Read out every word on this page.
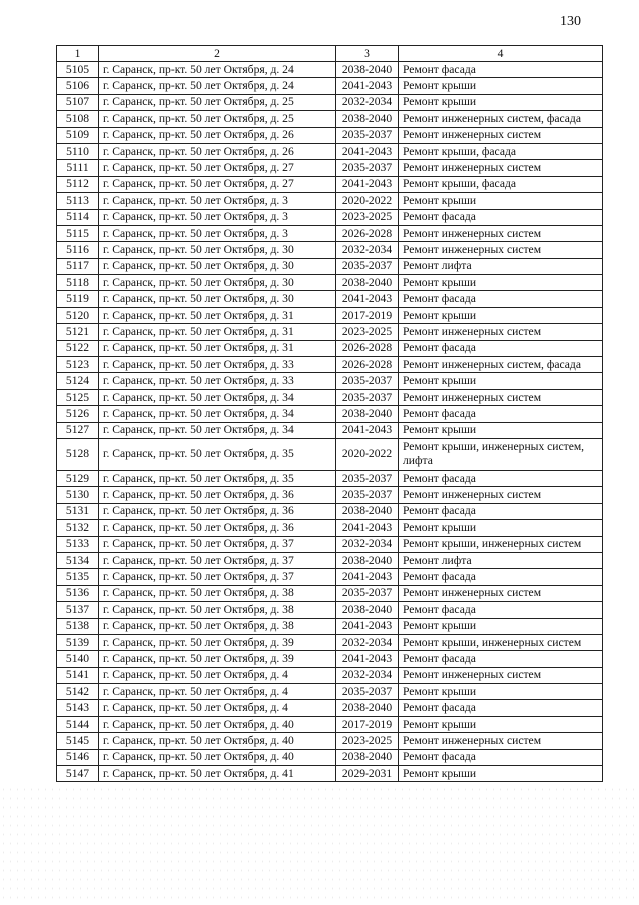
130
1	2	3	4
5105	г. Саранск, пр-кт. 50 лет Октября, д. 24	2038-2040	Ремонт фасада
5106	г. Саранск, пр-кт. 50 лет Октября, д. 24	2041-2043	Ремонт крыши
5107	г. Саранск, пр-кт. 50 лет Октября, д. 25	2032-2034	Ремонт крыши
5108	г. Саранск, пр-кт. 50 лет Октября, д. 25	2038-2040	Ремонт инженерных систем, фасада
5109	г. Саранск, пр-кт. 50 лет Октября, д. 26	2035-2037	Ремонт инженерных систем
5110	г. Саранск, пр-кт. 50 лет Октября, д. 26	2041-2043	Ремонт крыши, фасада
5111	г. Саранск, пр-кт. 50 лет Октября, д. 27	2035-2037	Ремонт инженерных систем
5112	г. Саранск, пр-кт. 50 лет Октября, д. 27	2041-2043	Ремонт крыши, фасада
5113	г. Саранск, пр-кт. 50 лет Октября, д. 3	2020-2022	Ремонт крыши
5114	г. Саранск, пр-кт. 50 лет Октября, д. 3	2023-2025	Ремонт фасада
5115	г. Саранск, пр-кт. 50 лет Октября, д. 3	2026-2028	Ремонт инженерных систем
5116	г. Саранск, пр-кт. 50 лет Октября, д. 30	2032-2034	Ремонт инженерных систем
5117	г. Саранск, пр-кт. 50 лет Октября, д. 30	2035-2037	Ремонт лифта
5118	г. Саранск, пр-кт. 50 лет Октября, д. 30	2038-2040	Ремонт крыши
5119	г. Саранск, пр-кт. 50 лет Октября, д. 30	2041-2043	Ремонт фасада
5120	г. Саранск, пр-кт. 50 лет Октября, д. 31	2017-2019	Ремонт крыши
5121	г. Саранск, пр-кт. 50 лет Октября, д. 31	2023-2025	Ремонт инженерных систем
5122	г. Саранск, пр-кт. 50 лет Октября, д. 31	2026-2028	Ремонт фасада
5123	г. Саранск, пр-кт. 50 лет Октября, д. 33	2026-2028	Ремонт инженерных систем, фасада
5124	г. Саранск, пр-кт. 50 лет Октября, д. 33	2035-2037	Ремонт крыши
5125	г. Саранск, пр-кт. 50 лет Октября, д. 34	2035-2037	Ремонт инженерных систем
5126	г. Саранск, пр-кт. 50 лет Октября, д. 34	2038-2040	Ремонт фасада
5127	г. Саранск, пр-кт. 50 лет Октября, д. 34	2041-2043	Ремонт крыши
5128	г. Саранск, пр-кт. 50 лет Октября, д. 35	2020-2022	Ремонт крыши, инженерных систем, лифта
5129	г. Саранск, пр-кт. 50 лет Октября, д. 35	2035-2037	Ремонт фасада
5130	г. Саранск, пр-кт. 50 лет Октября, д. 36	2035-2037	Ремонт инженерных систем
5131	г. Саранск, пр-кт. 50 лет Октября, д. 36	2038-2040	Ремонт фасада
5132	г. Саранск, пр-кт. 50 лет Октября, д. 36	2041-2043	Ремонт крыши
5133	г. Саранск, пр-кт. 50 лет Октября, д. 37	2032-2034	Ремонт крыши, инженерных систем
5134	г. Саранск, пр-кт. 50 лет Октября, д. 37	2038-2040	Ремонт лифта
5135	г. Саранск, пр-кт. 50 лет Октября, д. 37	2041-2043	Ремонт фасада
5136	г. Саранск, пр-кт. 50 лет Октября, д. 38	2035-2037	Ремонт инженерных систем
5137	г. Саранск, пр-кт. 50 лет Октября, д. 38	2038-2040	Ремонт фасада
5138	г. Саранск, пр-кт. 50 лет Октября, д. 38	2041-2043	Ремонт крыши
5139	г. Саранск, пр-кт. 50 лет Октября, д. 39	2032-2034	Ремонт крыши, инженерных систем
5140	г. Саранск, пр-кт. 50 лет Октября, д. 39	2041-2043	Ремонт фасада
5141	г. Саранск, пр-кт. 50 лет Октября, д. 4	2032-2034	Ремонт инженерных систем
5142	г. Саранск, пр-кт. 50 лет Октября, д. 4	2035-2037	Ремонт крыши
5143	г. Саранск, пр-кт. 50 лет Октября, д. 4	2038-2040	Ремонт фасада
5144	г. Саранск, пр-кт. 50 лет Октября, д. 40	2017-2019	Ремонт крыши
5145	г. Саранск, пр-кт. 50 лет Октября, д. 40	2023-2025	Ремонт инженерных систем
5146	г. Саранск, пр-кт. 50 лет Октября, д. 40	2038-2040	Ремонт фасада
5147	г. Саранск, пр-кт. 50 лет Октября, д. 41	2029-2031	Ремонт крыши
